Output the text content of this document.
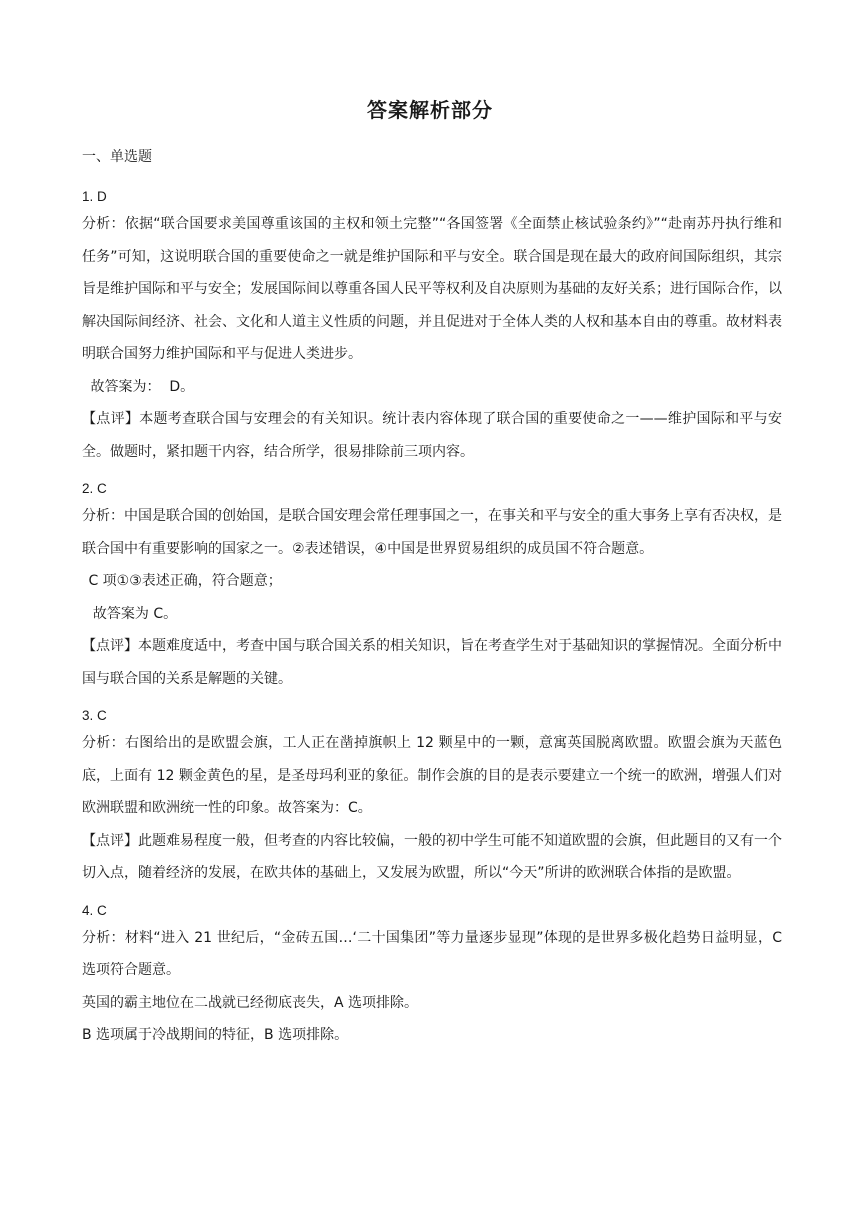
答案解析部分
一、单选题
1. D

分析：依据“联合国要求美国尊重该国的主权和领土完整”“各国签署《全面禁止核试验条约》”“赴南苏丹执行维和任务”可知，这说明联合国的重要使命之一就是维护国际和平与安全。联合国是现在最大的政府间国际组织，其宗旨是维护国际和平与安全；发展国际间以尊重各国人民平等权利及自决原则为基础的友好关系；进行国际合作，以解决国际间经济、社会、文化和人道主义性质的问题，并且促进对于全体人类的人权和基本自由的尊重。故材料表明联合国努力维护国际和平与促进人类进步。

故答案为：  D。

【点评】本题考查联合国与安理会的有关知识。统计表内容体现了联合国的重要使命之一——维护国际和平与安全。做题时，紧扣题干内容，结合所学，很易排除前三项内容。

2. C

分析：中国是联合国的创始国，是联合国安理会常任理事国之一，在事关和平与安全的重大事务上享有否决权，是联合国中有重要影响的国家之一。②表述错误，④中国是世界贸易组织的成员国不符合题意。

C 项①③表述正确，符合题意；

故答案为 C。

【点评】本题难度适中，考查中国与联合国关系的相关知识，旨在考查学生对于基础知识的掌握情况。全面分析中国与联合国的关系是解题的关键。

3. C

分析：右图给出的是欧盟会旗，工人正在凿掉旗帜上 12 颗星中的一颗，意寓英国脱离欧盟。欧盟会旗为天蓝色底，上面有 12 颗金黄色的星，是圣母玛利亚的象征。制作会旗的目的是表示要建立一个统一的欧洲，增强人们对欧洲联盟和欧洲统一性的印象。故答案为：C。

【点评】此题难易程度一般，但考查的内容比较偏，一般的初中学生可能不知道欧盟的会旗，但此题目的又有一个切入点，随着经济的发展，在欧共体的基础上，又发展为欧盟，所以“今天”所讲的欧洲联合体指的是欧盟。

4. C

分析：材料“进入 21 世纪后，“金砖五国…‘二十国集团”等力量逐步显现”体现的是世界多极化趋势日益明显，C 选项符合题意。

英国的霸主地位在二战就已经彻底丧失，A 选项排除。

B 选项属于冷战期间的特征，B 选项排除。
